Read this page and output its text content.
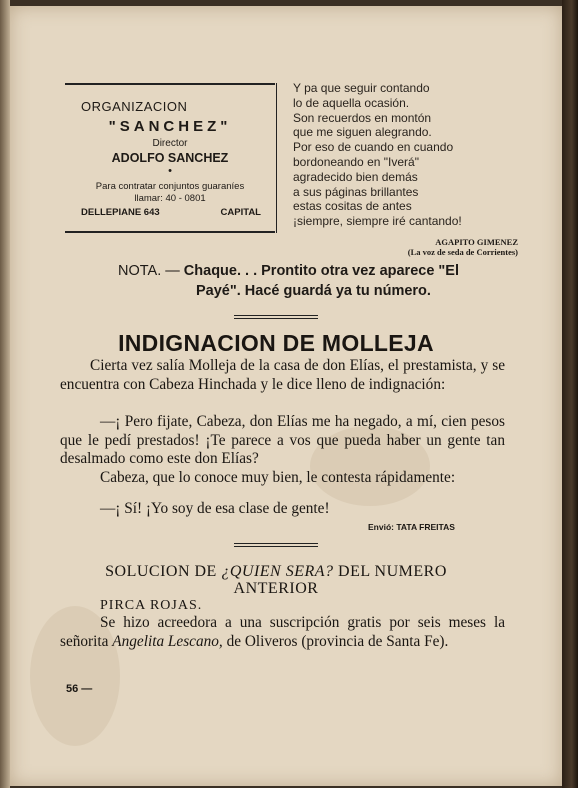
ORGANIZACION
"SANCHEZ"
Director
ADOLFO SANCHEZ
•
Para contratar conjuntos guaraníes
llamar: 40 - 0801
DELLEPIANE 643	CAPITAL
Y pa que seguir contando
lo de aquella ocasión.
Son recuerdos en montón
que me siguen alegrando.
Por eso de cuando en cuando
bordoneando en "Iverá"
agradecido bien demás
a sus páginas brillantes
estas cositas de antes
¡siempre, siempre iré cantando!
AGAPITO GIMENEZ
(La voz de seda de Corrientes)
NOTA. — Chaque. . . Prontito otra vez aparece "El
Payé". Hacé guardá ya tu número.
INDIGNACION DE MOLLEJA
Cierta vez salía Molleja de la casa de don Elías, el prestamista, y se encuentra con Cabeza Hinchada y le dice lleno de indignación:
—¡ Pero fijate, Cabeza, don Elías me ha negado, a mí, cien pesos que le pedí prestados! ¡Te parece a vos que pueda haber un gente tan desalmado como este don Elías?
Cabeza, que lo conoce muy bien, le contesta rápidamente:
—¡ Sí! ¡Yo soy de esa clase de gente!
Envió: TATA FREITAS
SOLUCION DE ¿QUIEN SERA? DEL NUMERO
ANTERIOR
PIRCA ROJAS.
Se hizo acreedora a una suscripción gratis por seis meses la señorita Angelita Lescano, de Oliveros (provincia de Santa Fe).
56 —
